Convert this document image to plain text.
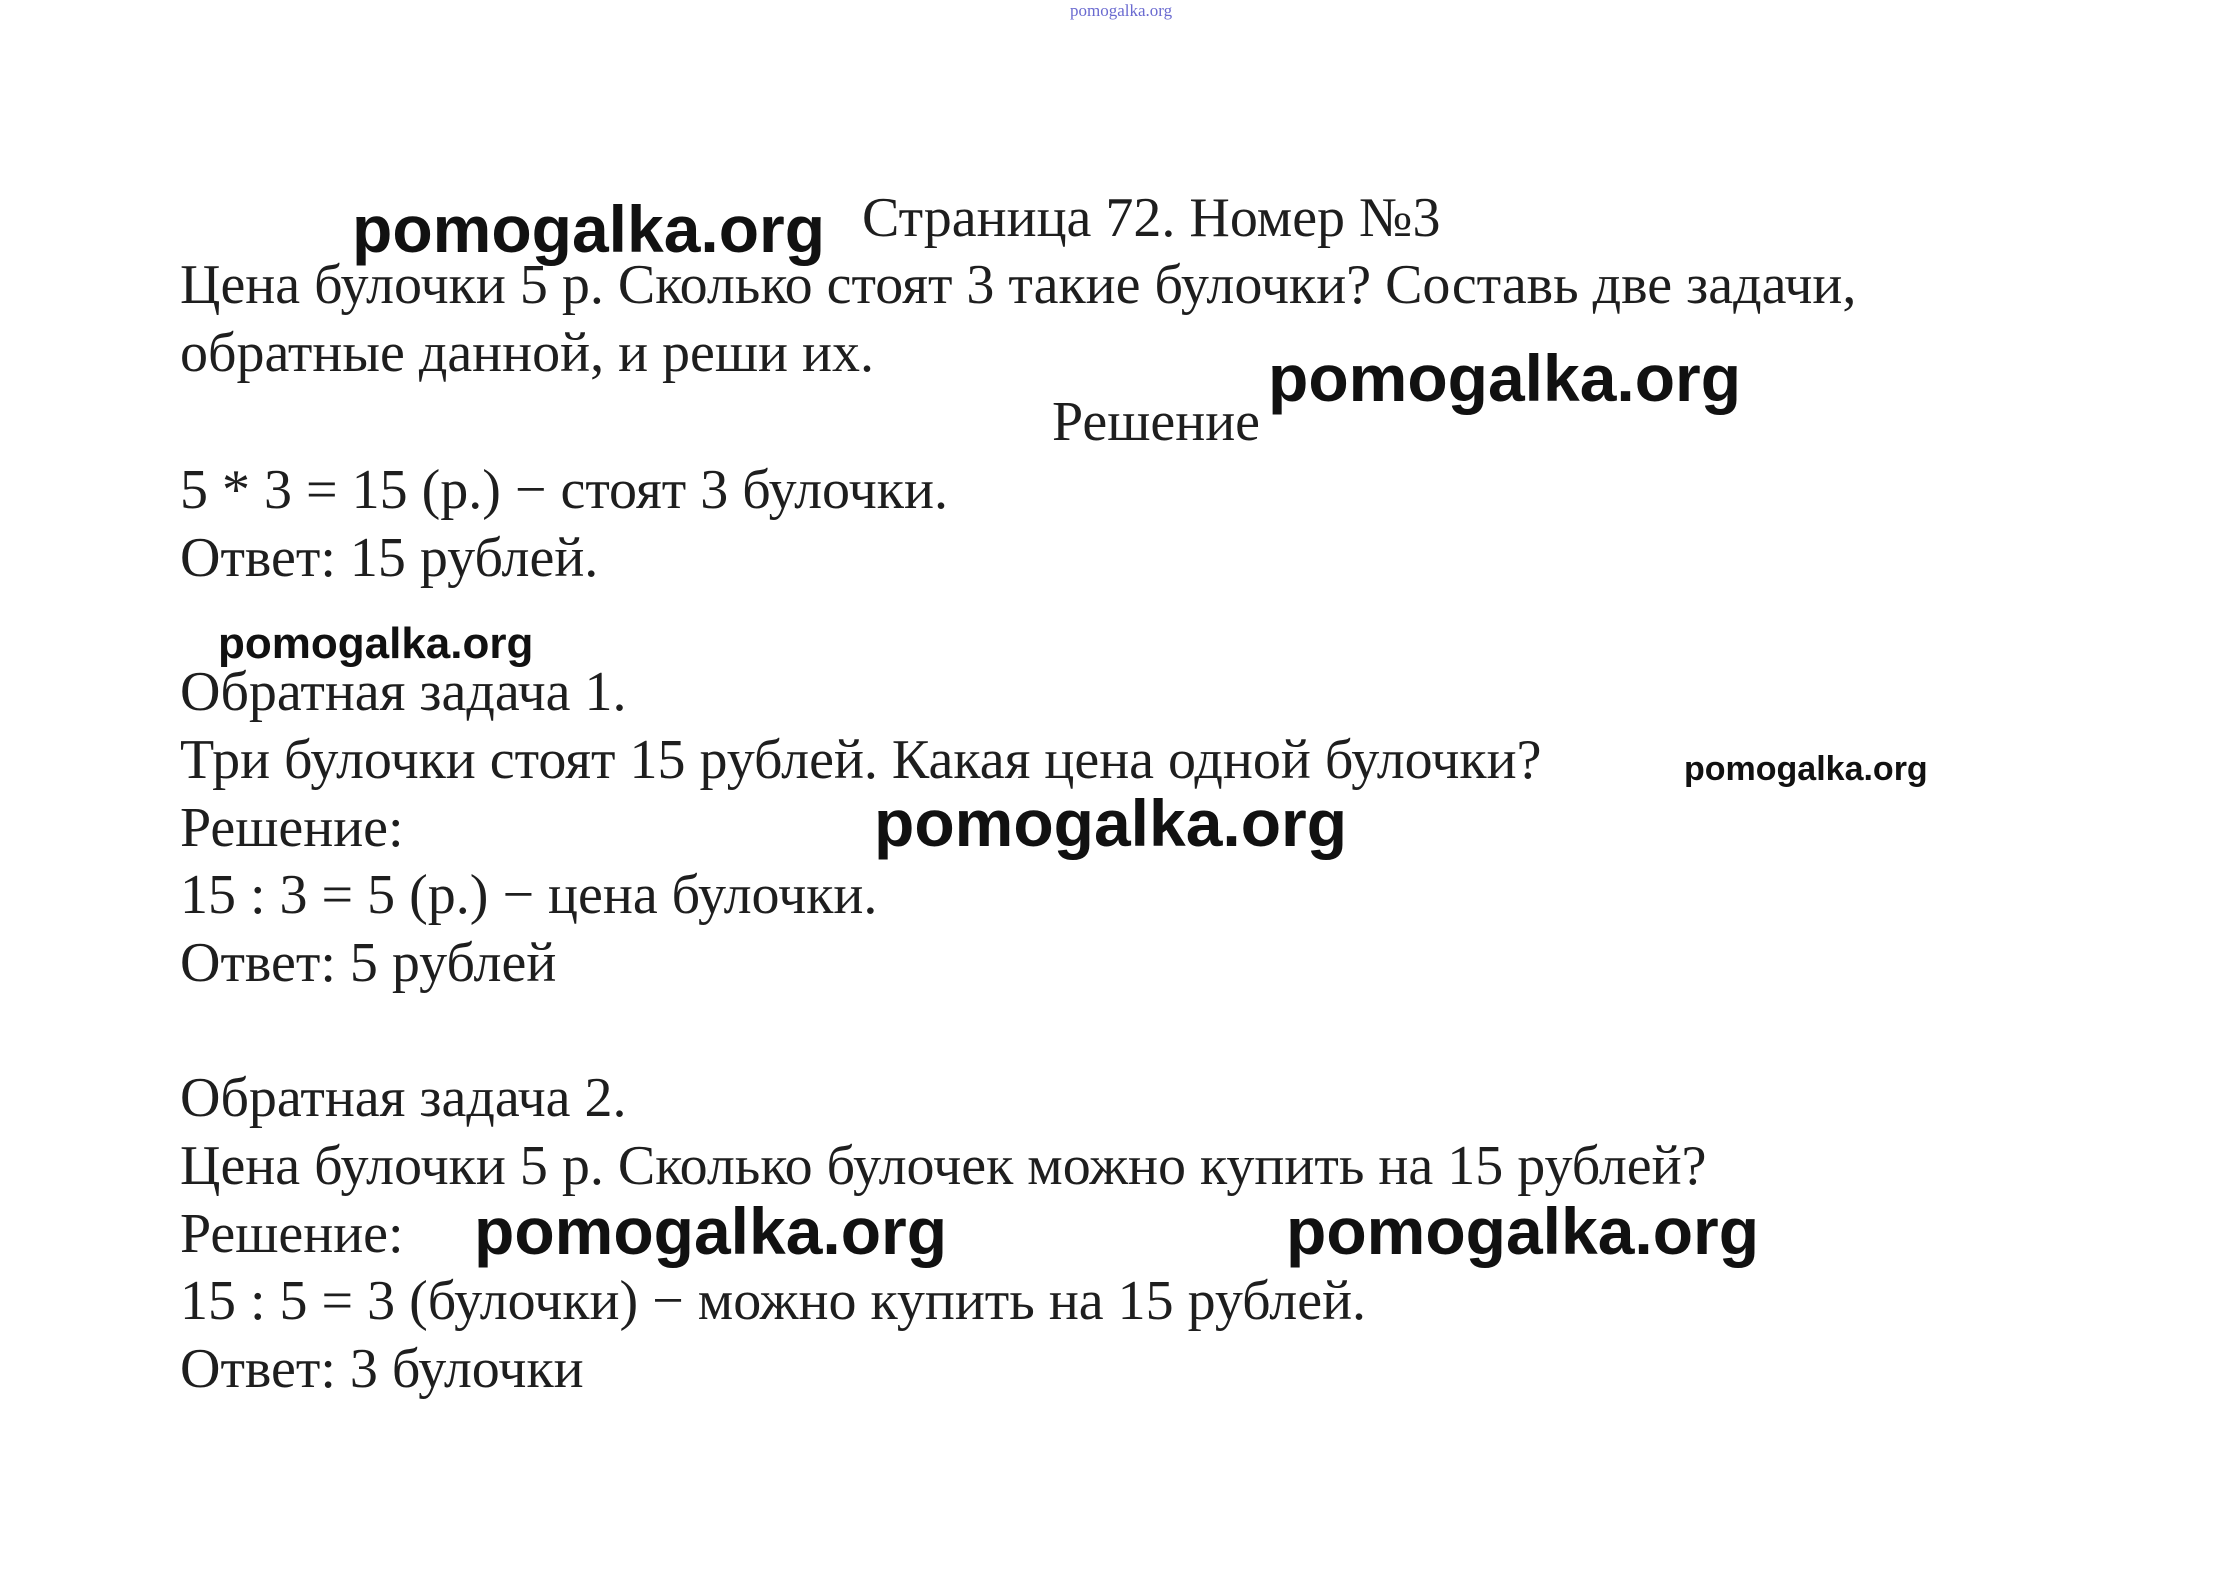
pomogalka.org
pomogalka.org
pomogalka.org
pomogalka.org
pomogalka.org
pomogalka.org
pomogalka.org	pomogalka.org
Страница 72. Номер №3
Цена булочки 5 р. Сколько стоят 3 такие булочки? Составь две задачи,
обратные данной, и реши их.
Решение
5 * 3 = 15 (р.) − стоят 3 булочки.
Ответ: 15 рублей.
Обратная задача 1.
Три булочки стоят 15 рублей. Какая цена одной булочки?
Решение:
15 : 3 = 5 (р.) − цена булочки.
Ответ: 5 рублей
Обратная задача 2.
Цена булочки 5 р. Сколько булочек можно купить на 15 рублей?
Решение:
15 : 5 = 3 (булочки) − можно купить на 15 рублей.
Ответ: 3 булочки
